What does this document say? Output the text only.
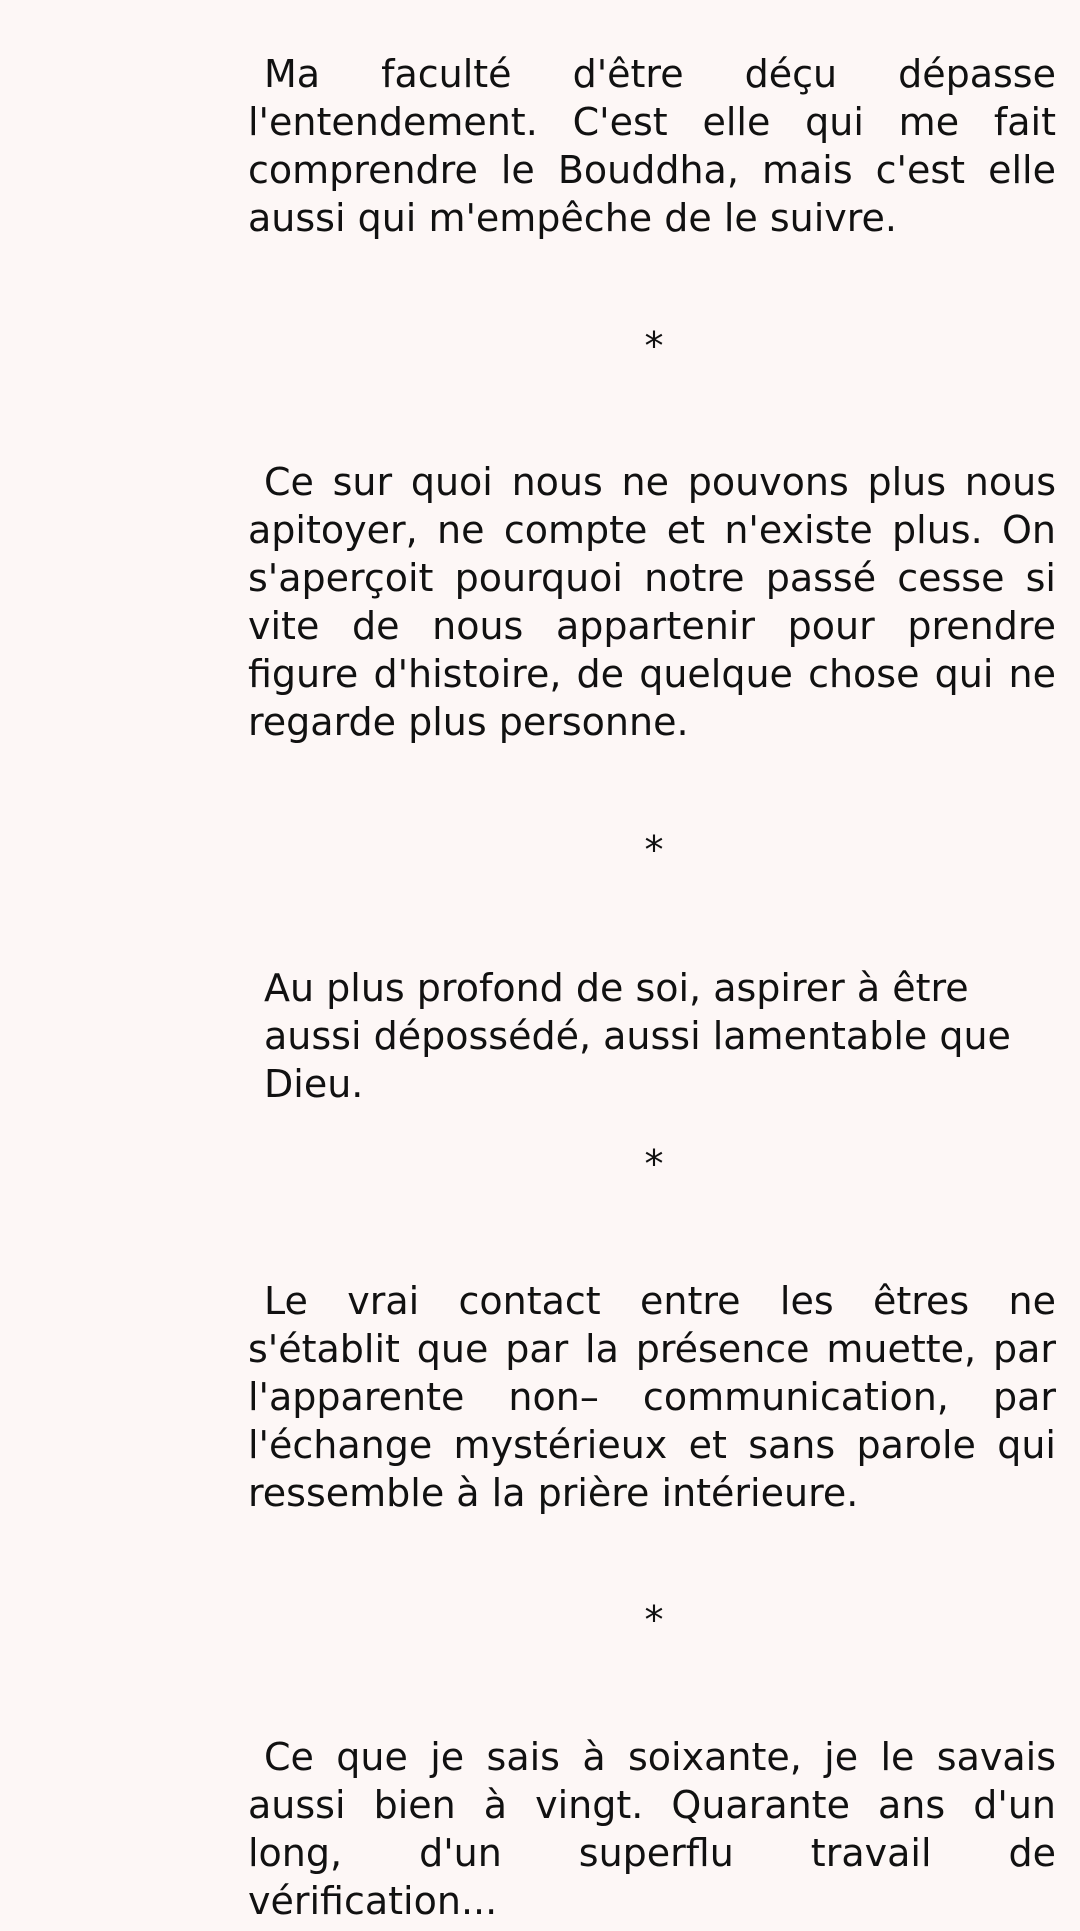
Ma faculté d'être déçu dépasse l'entendement. C'est elle qui me fait comprendre le Bouddha, mais c'est elle aussi qui m'empêche de le suivre.

*

Ce sur quoi nous ne pouvons plus nous apitoyer, ne compte et n'existe plus. On s'aperçoit pourquoi notre passé cesse si vite de nous appartenir pour prendre figure d'histoire, de quelque chose qui ne regarde plus personne.

*

Au plus profond de soi, aspirer à être aussi dépossédé, aussi lamentable que Dieu.

*

Le vrai contact entre les êtres ne s'établit que par la présence muette, par l'apparente non– communication, par l'échange mystérieux et sans parole qui ressemble à la prière intérieure.

*

Ce que je sais à soixante, je le savais aussi bien à vingt. Quarante ans d'un long, d'un superflu travail de vérification...
